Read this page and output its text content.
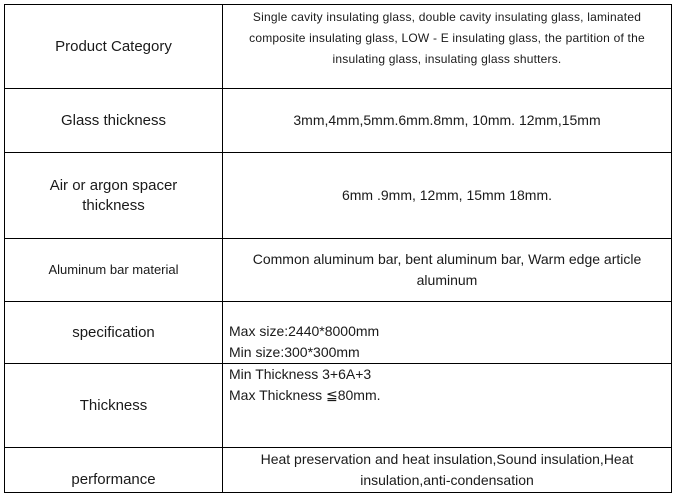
Product Category	Single cavity insulating glass, double cavity insulating glass, laminated
composite insulating glass, LOW - E insulating glass, the partition of the
insulating glass, insulating glass shutters.

Glass thickness	3mm,4mm,5mm.6mm.8mm, 10mm. 12mm,15mm

Air or argon spacer
thickness	6mm .9mm, 12mm, 15mm 18mm.

Aluminum bar material	Common aluminum bar, bent aluminum bar, Warm edge article
aluminum

specification	Max size:2440*8000mm
Min size:300*300mm

Thickness	Min Thickness 3+6A+3
Max Thickness ≦80mm.

performance	Heat preservation and heat insulation,Sound insulation,Heat
insulation,anti-condensation
